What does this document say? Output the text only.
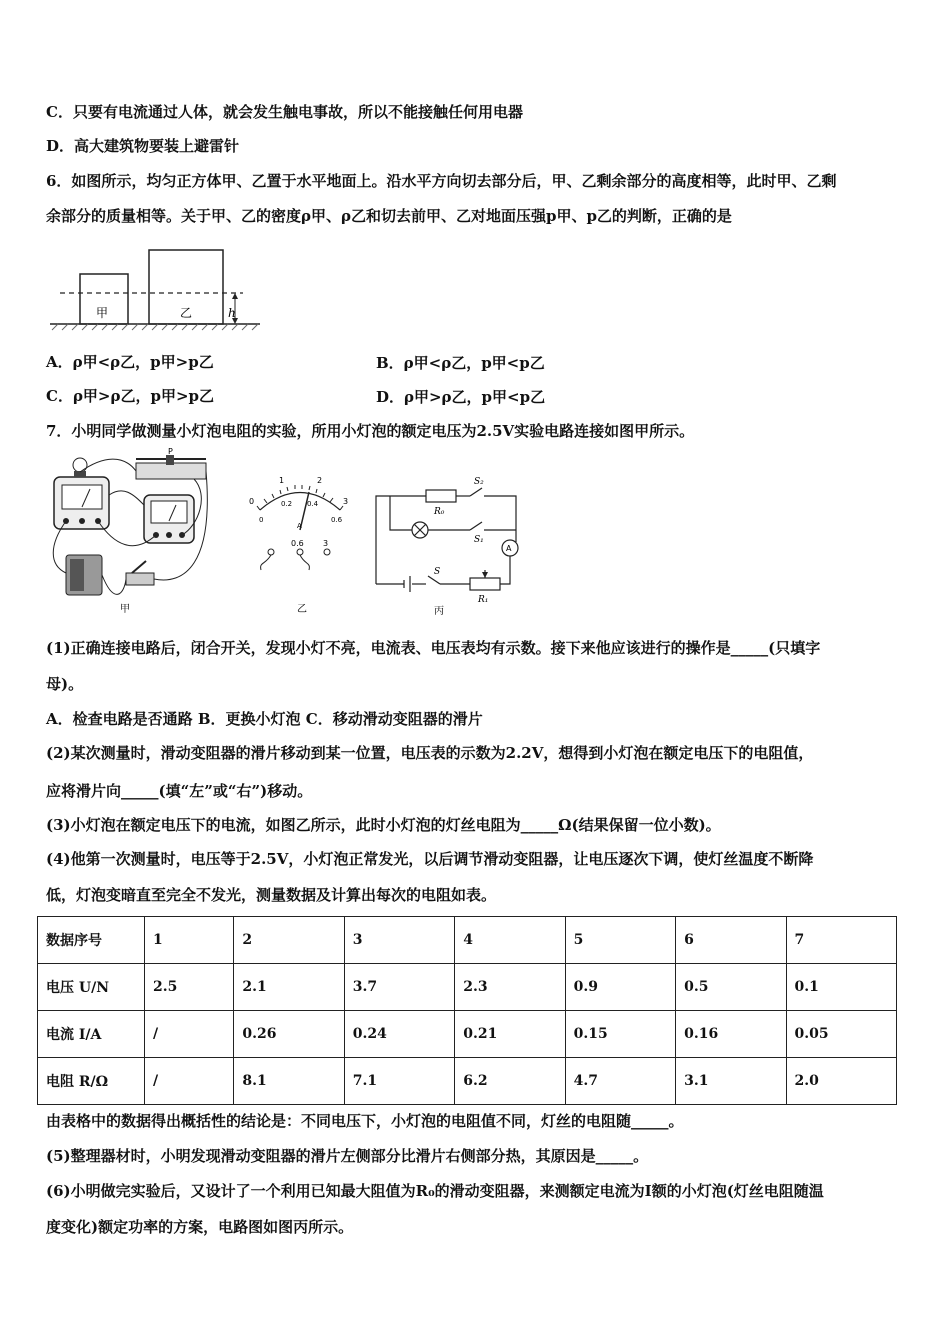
C．只要有电流通过人体，就会发生触电事故，所以不能接触任何用电器
D．高大建筑物要装上避雷针
6．如图所示，均匀正方体甲、乙置于水平地面上。沿水平方向切去部分后，甲、乙剩余部分的高度相等，此时甲、乙剩
余部分的质量相等。关于甲、乙的密度ρ甲、ρ乙和切去前甲、乙对地面压强p甲、p乙的判断，正确的是
甲	乙	h
A．ρ甲<ρ乙，p甲>p乙	B．ρ甲<ρ乙，p甲<p乙
C．ρ甲>ρ乙，p甲>p乙	D．ρ甲>ρ乙，p甲<p乙
7．小明同学做测量小灯泡电阻的实验，所用小灯泡的额定电压为2.5V实验电路连接如图甲所示。
P
甲
0
1	2
3
0
0.2 0.4
0.6
A
0.6 3
乙
S₂
R₀
S₁
A
S
R₁
丙
(1)正确连接电路后，闭合开关，发现小灯不亮，电流表、电压表均有示数。接下来他应该进行的操作是_____(只填字
母)。
A．检查电路是否通路 B．更换小灯泡 C．移动滑动变阻器的滑片
(2)某次测量时，滑动变阻器的滑片移动到某一位置，电压表的示数为2.2V，想得到小灯泡在额定电压下的电阻值，
应将滑片向_____(填“左”或“右”)移动。
(3)小灯泡在额定电压下的电流，如图乙所示，此时小灯泡的灯丝电阻为_____Ω(结果保留一位小数)。
(4)他第一次测量时，电压等于2.5V，小灯泡正常发光，以后调节滑动变阻器，让电压逐次下调，使灯丝温度不断降
低，灯泡变暗直至完全不发光，测量数据及计算出每次的电阻如表。
数据序号	1	2	3	4	5	6	7
电压 U/N	2.5	2.1	3.7	2.3	0.9	0.5	0.1
电流 I/A	/	0.26	0.24	0.21	0.15	0.16	0.05
电阻 R/Ω	/	8.1	7.1	6.2	4.7	3.1	2.0
由表格中的数据得出概括性的结论是：不同电压下，小灯泡的电阻值不同，灯丝的电阻随_____。
(5)整理器材时，小明发现滑动变阻器的滑片左侧部分比滑片右侧部分热，其原因是_____。
(6)小明做完实验后，又设计了一个利用已知最大阻值为R₀的滑动变阻器，来测额定电流为I额的小灯泡(灯丝电阻随温
度变化)额定功率的方案，电路图如图丙所示。
